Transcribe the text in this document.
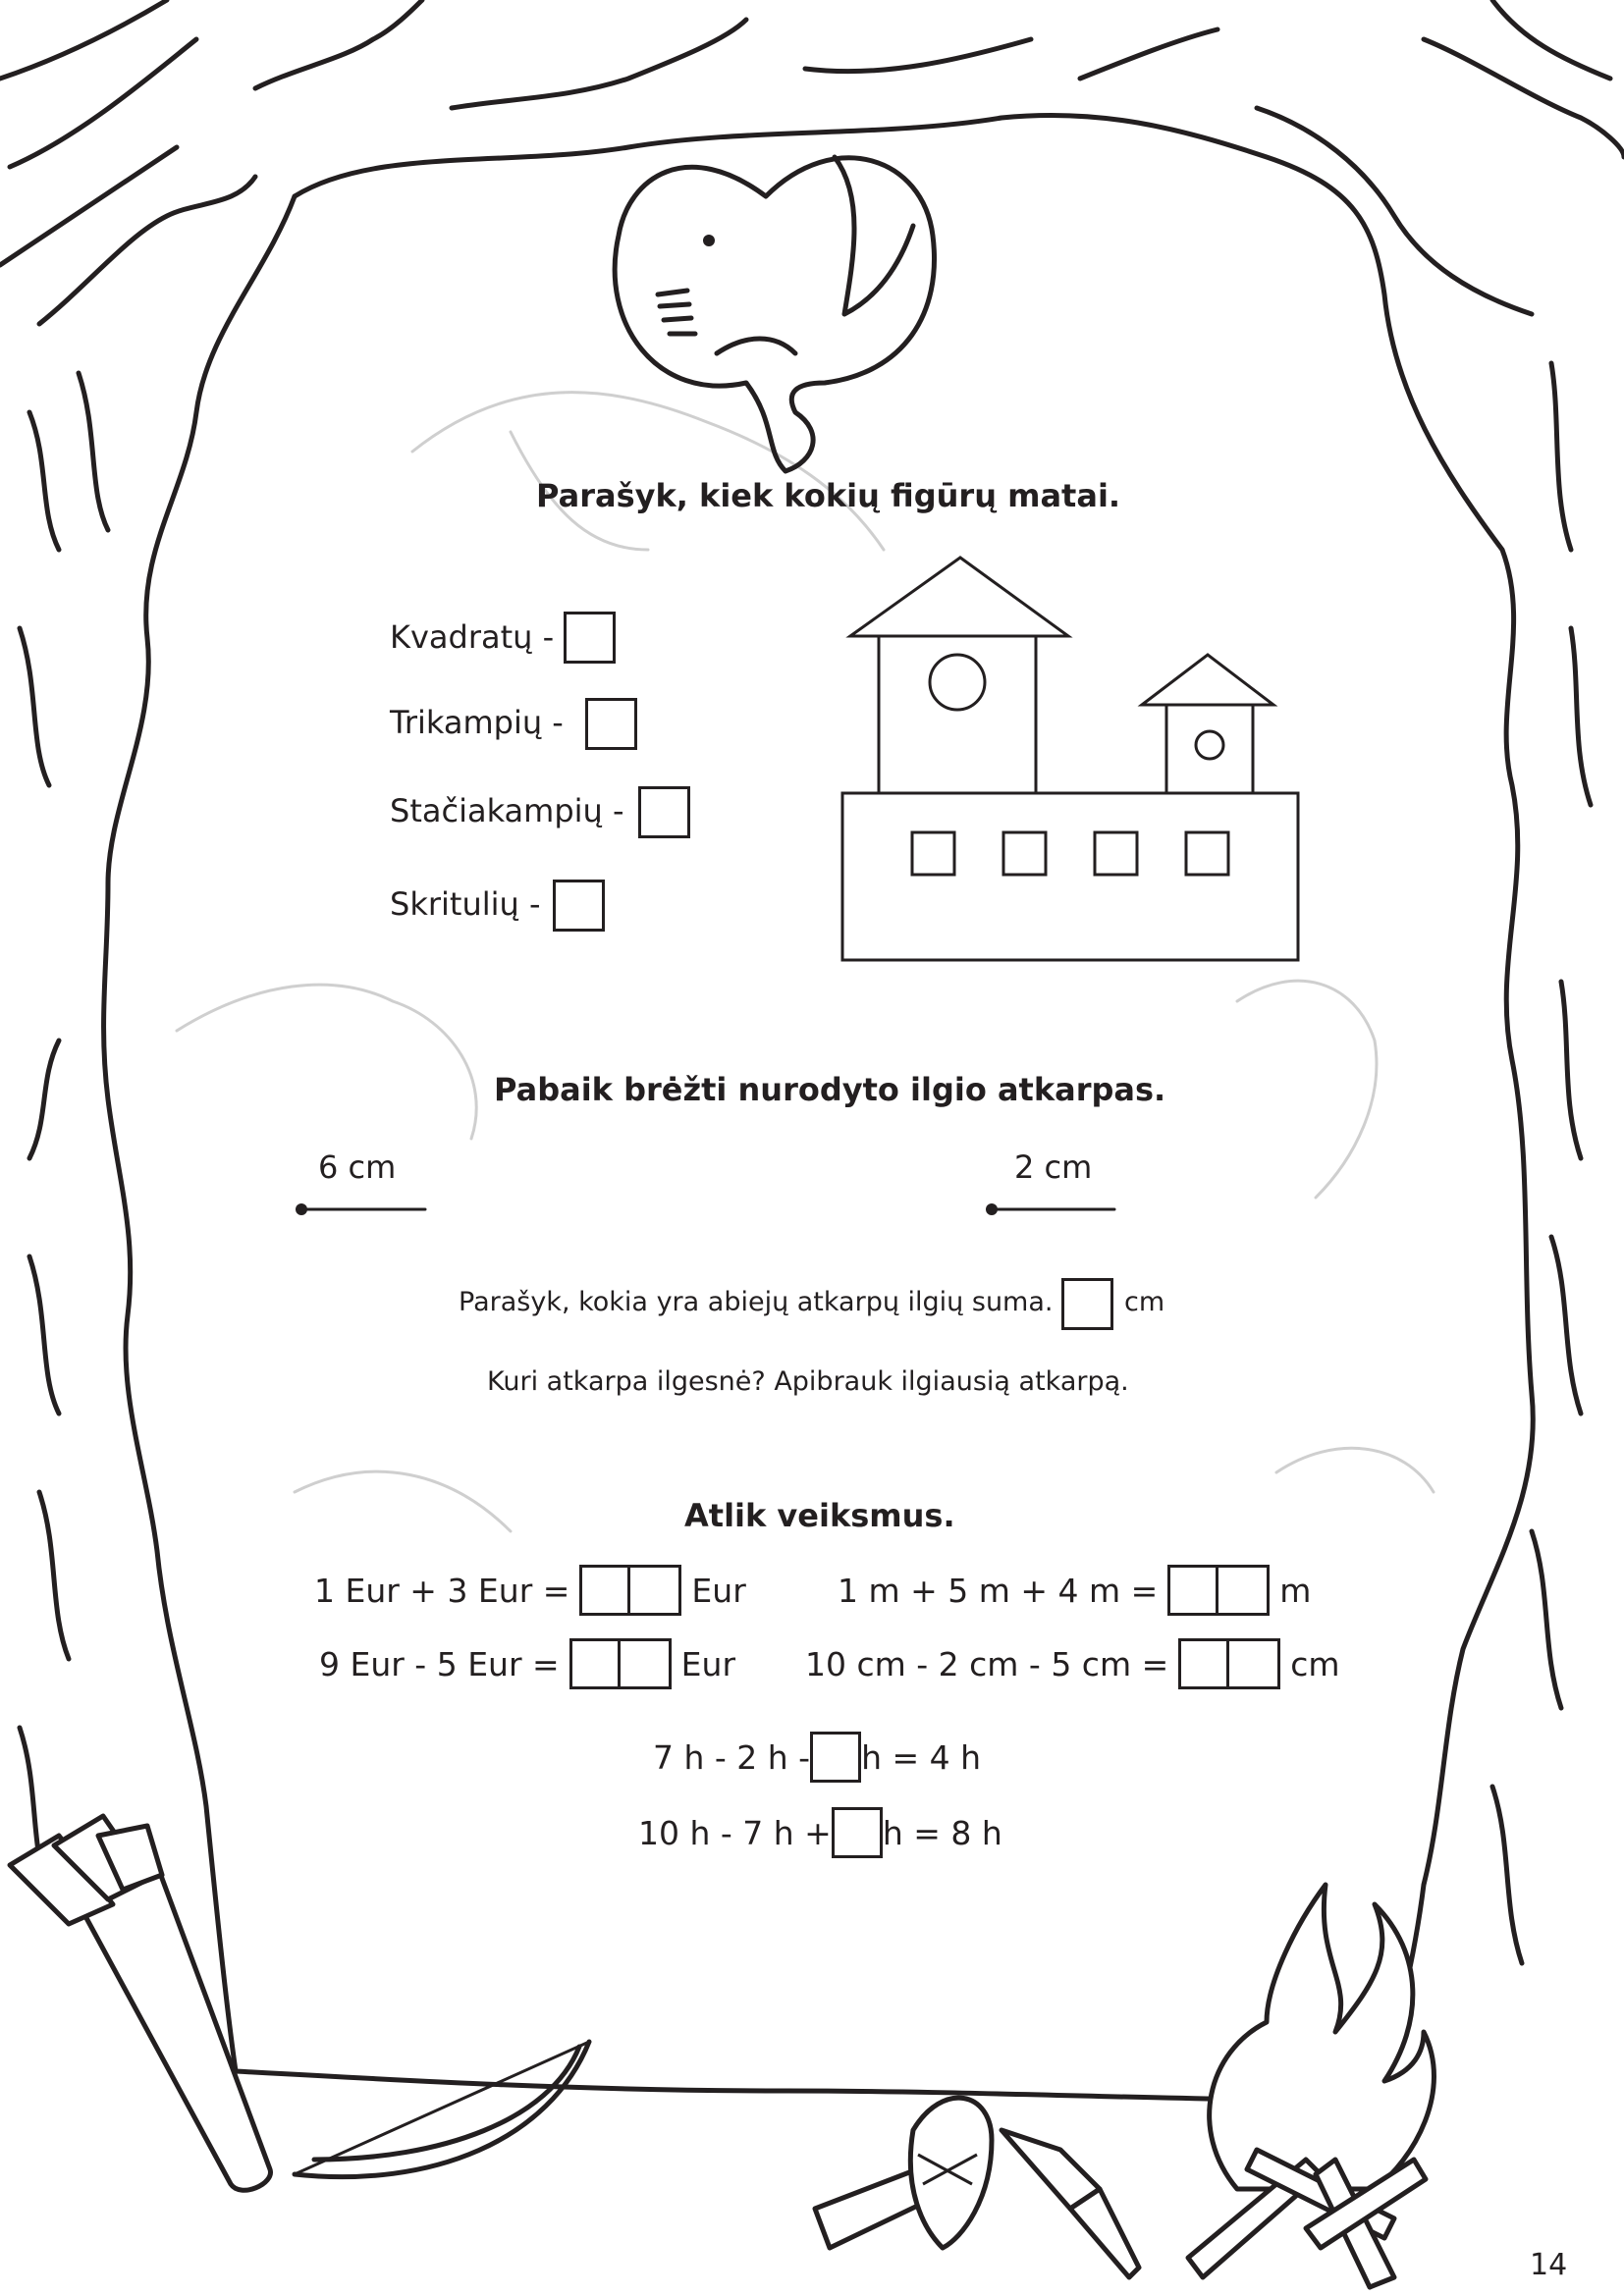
Parašyk, kiek kokių figūrų matai.
Kvadratų -
Trikampių -
Stačiakampių -
Skritulių -
Pabaik brėžti nurodyto ilgio atkarpas.
6 cm	2 cm
Parašyk, kokia yra abiejų atkarpų ilgių suma.	cm
Kuri atkarpa ilgesnė? Apibrauk ilgiausią atkarpą.
Atlik veiksmus.
1 Eur + 3 Eur =	Eur
9 Eur - 5 Eur =	Eur
1 m + 5 m + 4 m =	m
10 cm - 2 cm - 5 cm =	cm
7 h - 2 h - h = 4 h
10 h - 7 h + h = 8 h
14
